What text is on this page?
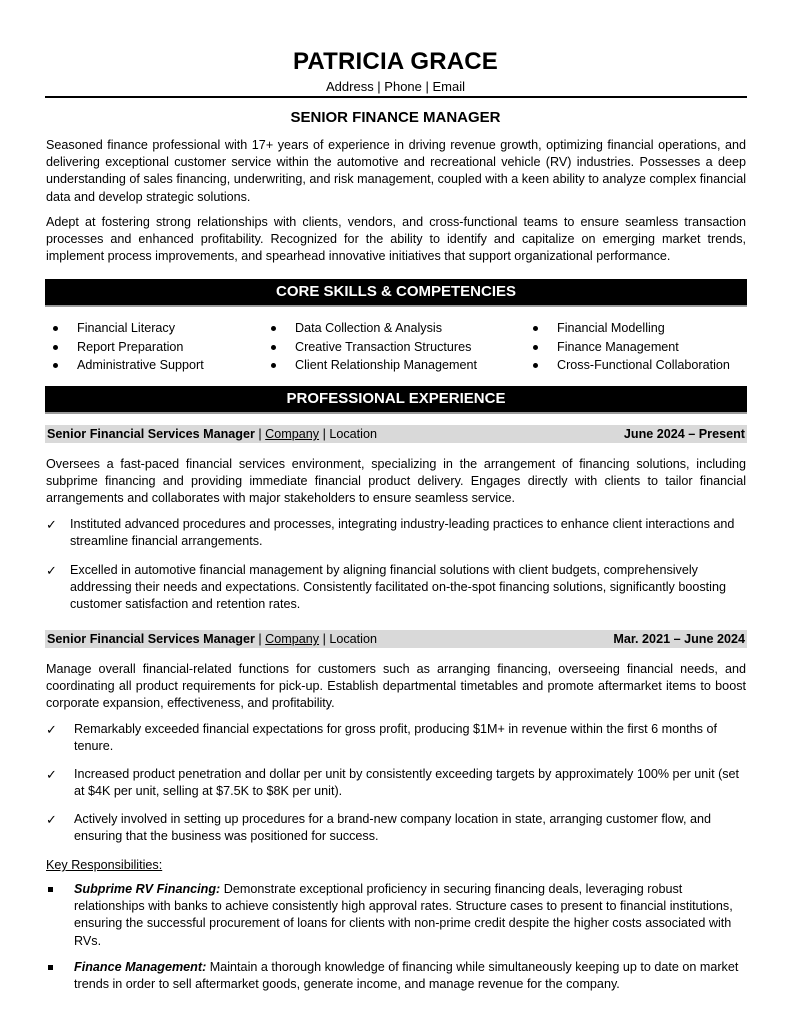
PATRICIA GRACE
Address | Phone | Email
SENIOR FINANCE MANAGER
Seasoned finance professional with 17+ years of experience in driving revenue growth, optimizing financial operations, and delivering exceptional customer service within the automotive and recreational vehicle (RV) industries. Possesses a deep understanding of sales financing, underwriting, and risk management, coupled with a keen ability to analyze complex financial data and develop strategic solutions.
Adept at fostering strong relationships with clients, vendors, and cross-functional teams to ensure seamless transaction processes and enhanced profitability. Recognized for the ability to identify and capitalize on emerging market trends, implement process improvements, and spearhead innovative initiatives that support organizational performance.
CORE SKILLS & COMPETENCIES
Financial Literacy
Report Preparation
Administrative Support
Data Collection & Analysis
Creative Transaction Structures
Client Relationship Management
Financial Modelling
Finance Management
Cross-Functional Collaboration
PROFESSIONAL EXPERIENCE
Senior Financial Services Manager | Company | Location	June 2024 – Present
Oversees a fast-paced financial services environment, specializing in the arrangement of financing solutions, including subprime financing and providing immediate financial product delivery. Engages directly with clients to tailor financial arrangements and collaborates with major stakeholders to ensure seamless service.
✓ Instituted advanced procedures and processes, integrating industry-leading practices to enhance client interactions and streamline financial arrangements.
✓ Excelled in automotive financial management by aligning financial solutions with client budgets, comprehensively addressing their needs and expectations. Consistently facilitated on-the-spot financing solutions, significantly boosting customer satisfaction and retention rates.
Senior Financial Services Manager | Company | Location	Mar. 2021 – June 2024
Manage overall financial-related functions for customers such as arranging financing, overseeing financial needs, and coordinating all product requirements for pick-up. Establish departmental timetables and promote aftermarket items to boost corporate expansion, effectiveness, and profitability.
✓ Remarkably exceeded financial expectations for gross profit, producing $1M+ in revenue within the first 6 months of tenure.
✓ Increased product penetration and dollar per unit by consistently exceeding targets by approximately 100% per unit (set at $4K per unit, selling at $7.5K to $8K per unit).
✓ Actively involved in setting up procedures for a brand-new company location in state, arranging customer flow, and ensuring that the business was positioned for success.
Key Responsibilities:
Subprime RV Financing: Demonstrate exceptional proficiency in securing financing deals, leveraging robust relationships with banks to achieve consistently high approval rates. Structure cases to present to financial institutions, ensuring the successful procurement of loans for clients with non-prime credit despite the higher costs associated with RVs.
Finance Management: Maintain a thorough knowledge of financing while simultaneously keeping up to date on market trends in order to sell aftermarket goods, generate income, and manage revenue for the company.
